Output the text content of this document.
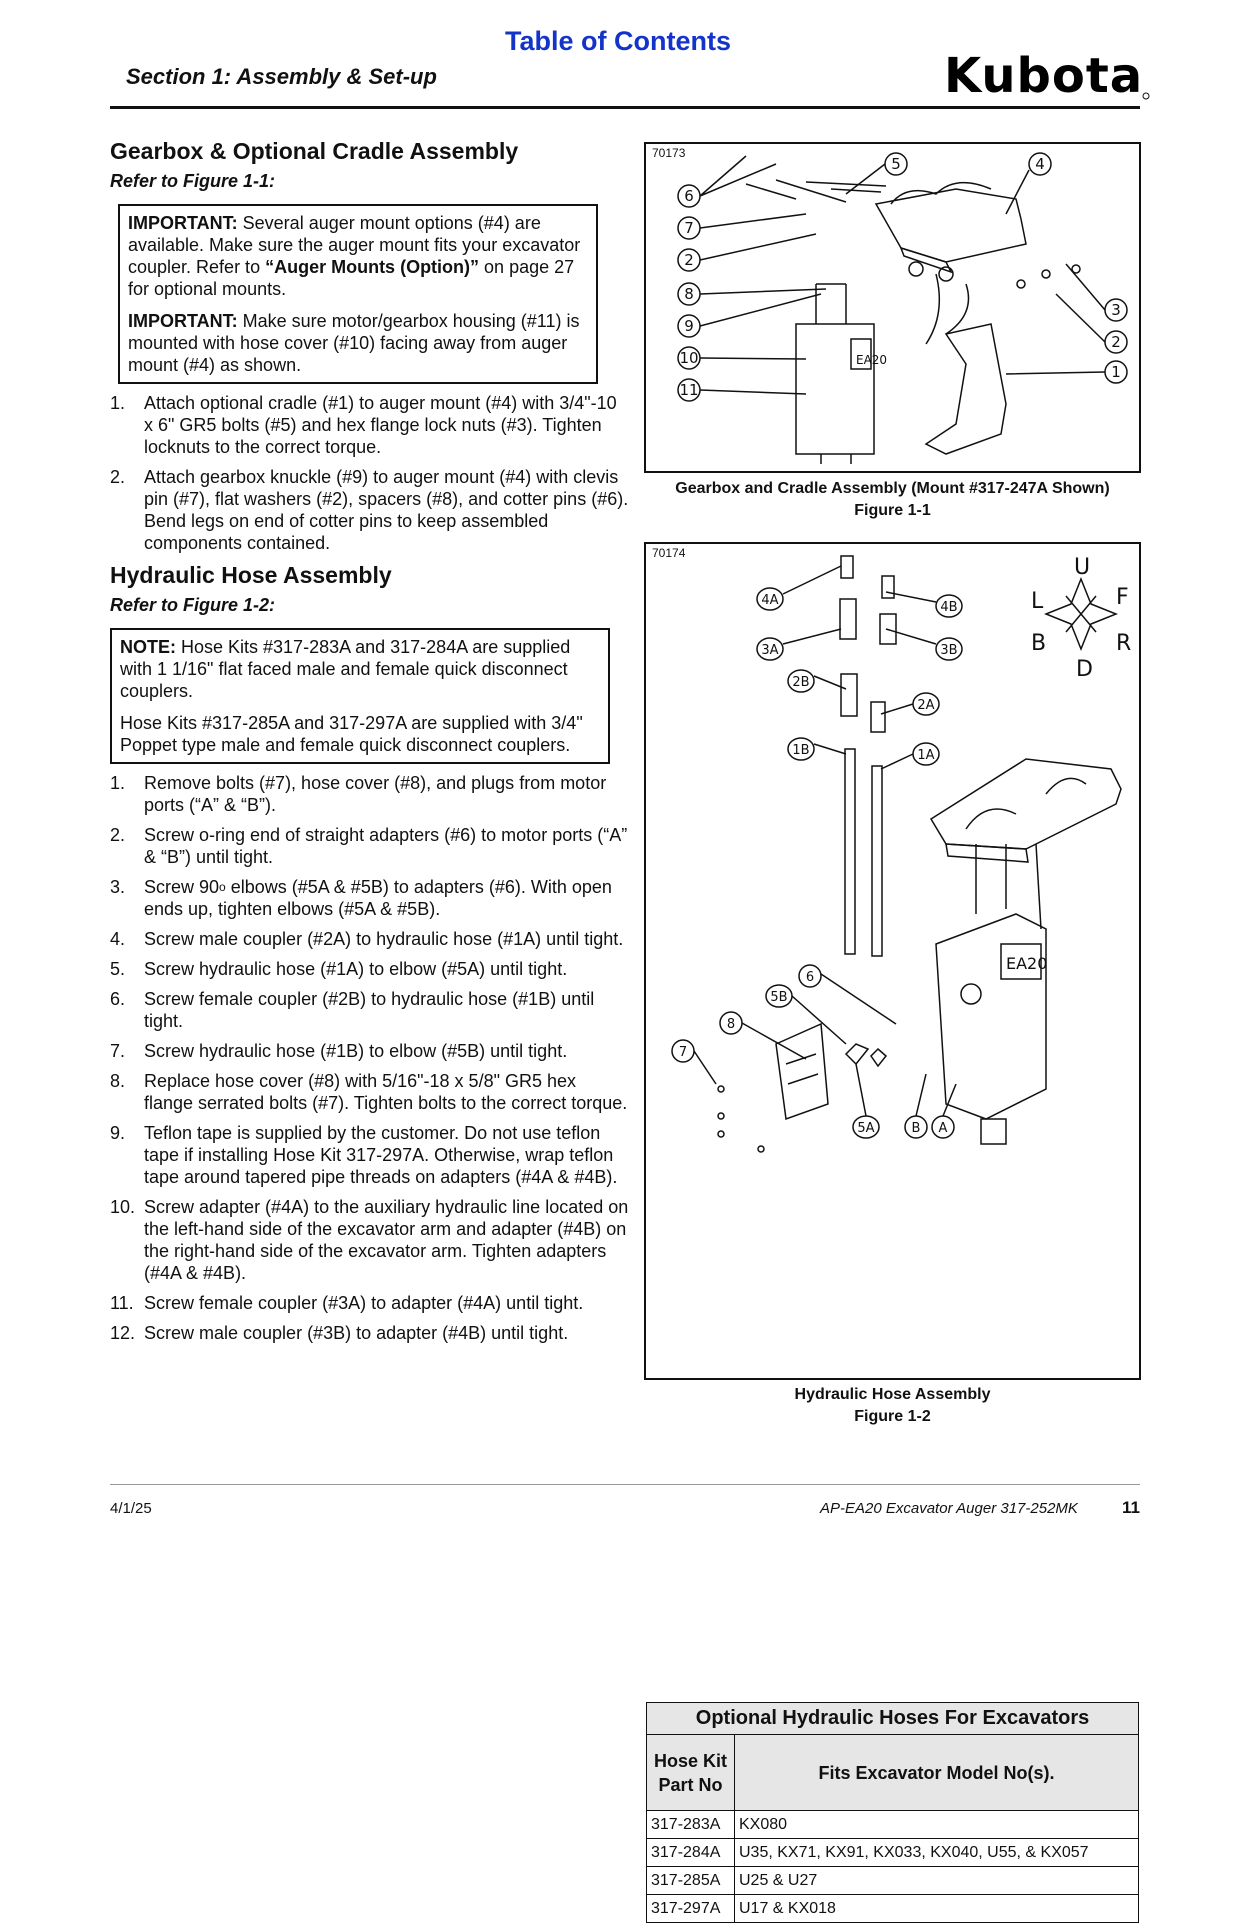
Table of Contents
Section 1: Assembly & Set-up	Kubota
Gearbox & Optional Cradle Assembly
Refer to Figure 1-1:

IMPORTANT: Several auger mount options (#4) are available. Make sure the auger mount fits your excavator coupler. Refer to “Auger Mounts (Option)” on page 27 for optional mounts.

IMPORTANT: Make sure motor/gearbox housing (#11) is mounted with hose cover (#10) facing away from auger mount (#4) as shown.

1.	Attach optional cradle (#1) to auger mount (#4) with 3/4"-10 x 6" GR5 bolts (#5) and hex flange lock nuts (#3). Tighten locknuts to the correct torque.
2.	Attach gearbox knuckle (#9) to auger mount (#4) with clevis pin (#7), flat washers (#2), spacers (#8), and cotter pins (#6). Bend legs on end of cotter pins to keep assembled components contained.
Hydraulic Hose Assembly
Refer to Figure 1-2:

NOTE: Hose Kits #317-283A and 317-284A are supplied with 1 1/16" flat faced male and female quick disconnect couplers.

Hose Kits #317-285A and 317-297A are supplied with 3/4" Poppet type male and female quick disconnect couplers.

1.	Remove bolts (#7), hose cover (#8), and plugs from motor ports (“A” & “B”).
2.	Screw o-ring end of straight adapters (#6) to motor ports (“A” & “B”) until tight.
3.	Screw 90$^o$ elbows (#5A & #5B) to adapters (#6). With open ends up, tighten elbows (#5A & #5B).
4.	Screw male coupler (#2A) to hydraulic hose (#1A) until tight.
5.	Screw hydraulic hose (#1A) to elbow (#5A) until tight.
6.	Screw female coupler (#2B) to hydraulic hose (#1B) until tight.
7.	Screw hydraulic hose (#1B) to elbow (#5B) until tight.
8.	Replace hose cover (#8) with 5/16"-18 x 5/8" GR5 hex flange serrated bolts (#7). Tighten bolts to the correct torque.
9.	Teflon tape is supplied by the customer. Do not use teflon tape if installing Hose Kit 317-297A. Otherwise, wrap teflon tape around tapered pipe threads on adapters (#4A & #4B).
10. Screw adapter (#4A) to the auxiliary hydraulic line located on the left-hand side of the excavator arm and adapter (#4B) on the right-hand side of the excavator arm. Tighten adapters (#4A & #4B).
11. Screw female coupler (#3A) to adapter (#4A) until tight.
12. Screw male coupler (#3B) to adapter (#4B) until tight.
70173
6
7
2
8
9
10
11
5	4
3
2
1
EA20
Gearbox and Cradle Assembly (Mount #317-247A Shown)
Figure 1-1
70174
U
D
L
R
F
B
4A
3A
2B
1B
4B
3B
2A
1A
6
5B
8
7
5A	B A
EA20
Optional Hydraulic Hoses For Excavators	
Hose Kit Part No	Fits Excavator Model No(s).
317-283A	KX080
317-284A	U35, KX71, KX91, KX033, KX040, U55, & KX057
317-285A	U25 & U27
317-297A	U17 & KX018
Hydraulic Hose Assembly
Figure 1-2
4/1/25	AP-EA20 Excavator Auger 317-252MK	11
